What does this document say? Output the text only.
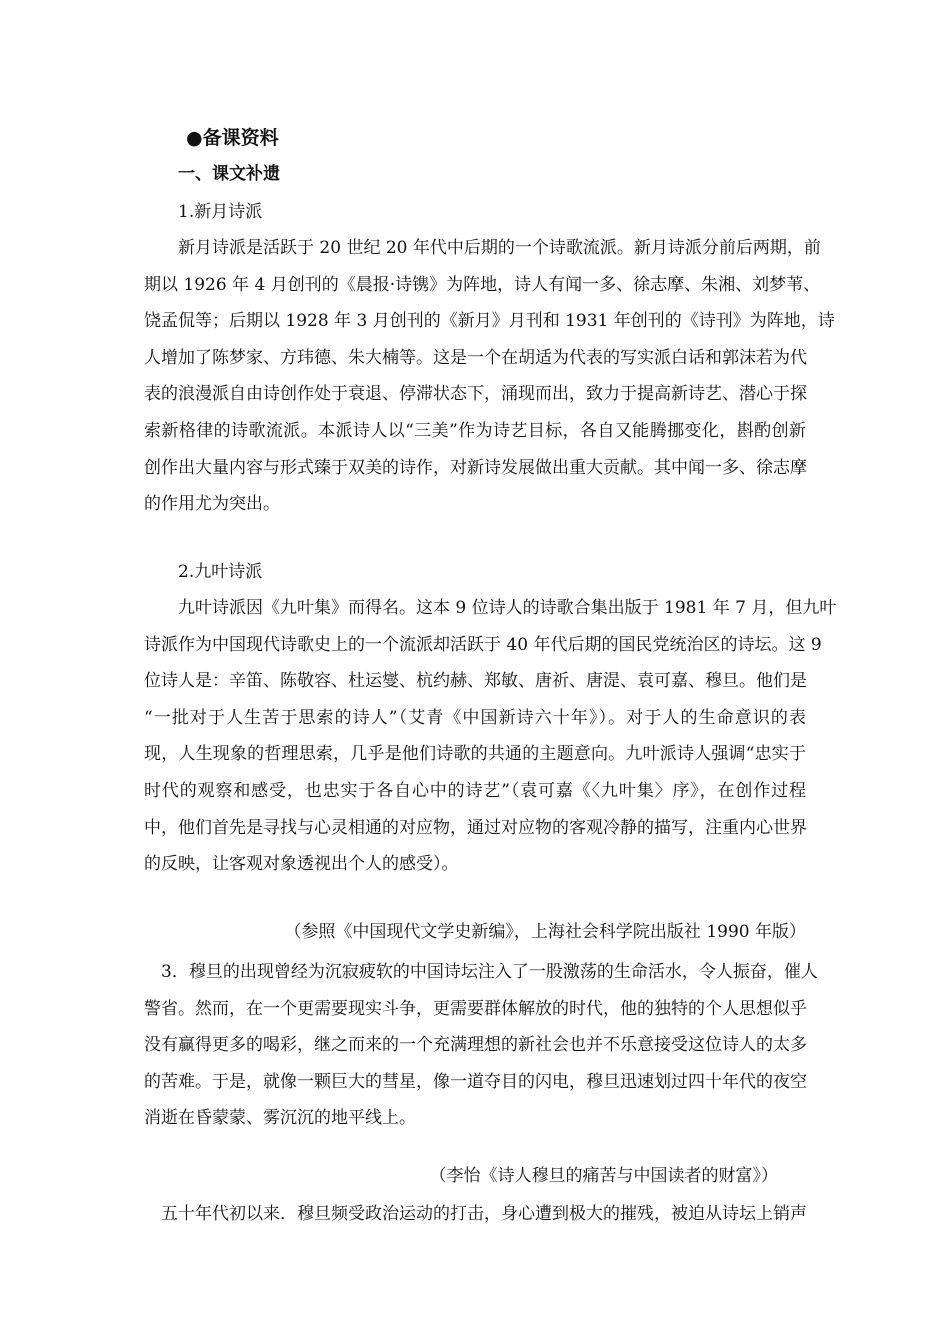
●备课资料
一、课文补遗
1.新月诗派
新月诗派是活跃于 20 世纪 20 年代中后期的一个诗歌流派。新月诗派分前后两期，前
期以 1926 年 4 月创刊的《晨报·诗镌》为阵地，诗人有闻一多、徐志摩、朱湘、刘梦苇、
饶孟侃等；后期以 1928 年 3 月创刊的《新月》月刊和 1931 年创刊的《诗刊》为阵地，诗
人增加了陈梦家、方玮德、朱大楠等。这是一个在胡适为代表的写实派白话和郭沫若为代
表的浪漫派自由诗创作处于衰退、停滞状态下，涌现而出，致力于提高新诗艺、潜心于探
索新格律的诗歌流派。本派诗人以“三美”作为诗艺目标，各自又能腾挪变化，斟酌创新
创作出大量内容与形式臻于双美的诗作，对新诗发展做出重大贡献。其中闻一多、徐志摩
的作用尤为突出。
2.九叶诗派
九叶诗派因《九叶集》而得名。这本 9 位诗人的诗歌合集出版于 1981 年 7 月，但九叶
诗派作为中国现代诗歌史上的一个流派却活跃于 40 年代后期的国民党统治区的诗坛。这 9
位诗人是：辛笛、陈敬容、杜运燮、杭约赫、郑敏、唐祈、唐湜、袁可嘉、穆旦。他们是
“一批对于人生苦于思索的诗人”（艾青《中国新诗六十年》）。对于人的生命意识的表
现，人生现象的哲理思索，几乎是他们诗歌的共通的主题意向。九叶派诗人强调“忠实于
时代的观察和感受，也忠实于各自心中的诗艺”（袁可嘉《〈九叶集〉序》，在创作过程
中，他们首先是寻找与心灵相通的对应物，通过对应物的客观冷静的描写，注重内心世界
的反映，让客观对象透视出个人的感受）。
（参照《中国现代文学史新编》，上海社会科学院出版社 1990 年版）
3．穆旦的出现曾经为沉寂疲软的中国诗坛注入了一股激荡的生命活水，令人振奋，催人
警省。然而，在一个更需要现实斗争，更需要群体解放的时代，他的独特的个人思想似乎
没有赢得更多的喝彩，继之而来的一个充满理想的新社会也并不乐意接受这位诗人的太多
的苦难。于是，就像一颗巨大的彗星，像一道夺目的闪电，穆旦迅速划过四十年代的夜空
消逝在昏蒙蒙、雾沉沉的地平线上。
（李怡《诗人穆旦的痛苦与中国读者的财富》）
五十年代初以来．穆旦频受政治运动的打击，身心遭到极大的摧残，被迫从诗坛上销声
